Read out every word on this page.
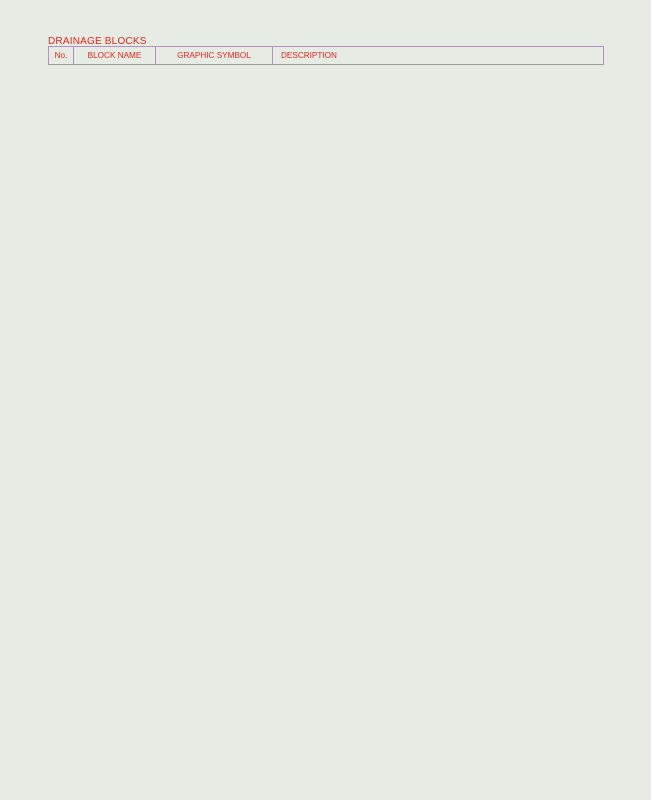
DRAINAGE BLOCKS
No.	BLOCK NAME	GRAPHIC SYMBOL	DESCRIPTION
